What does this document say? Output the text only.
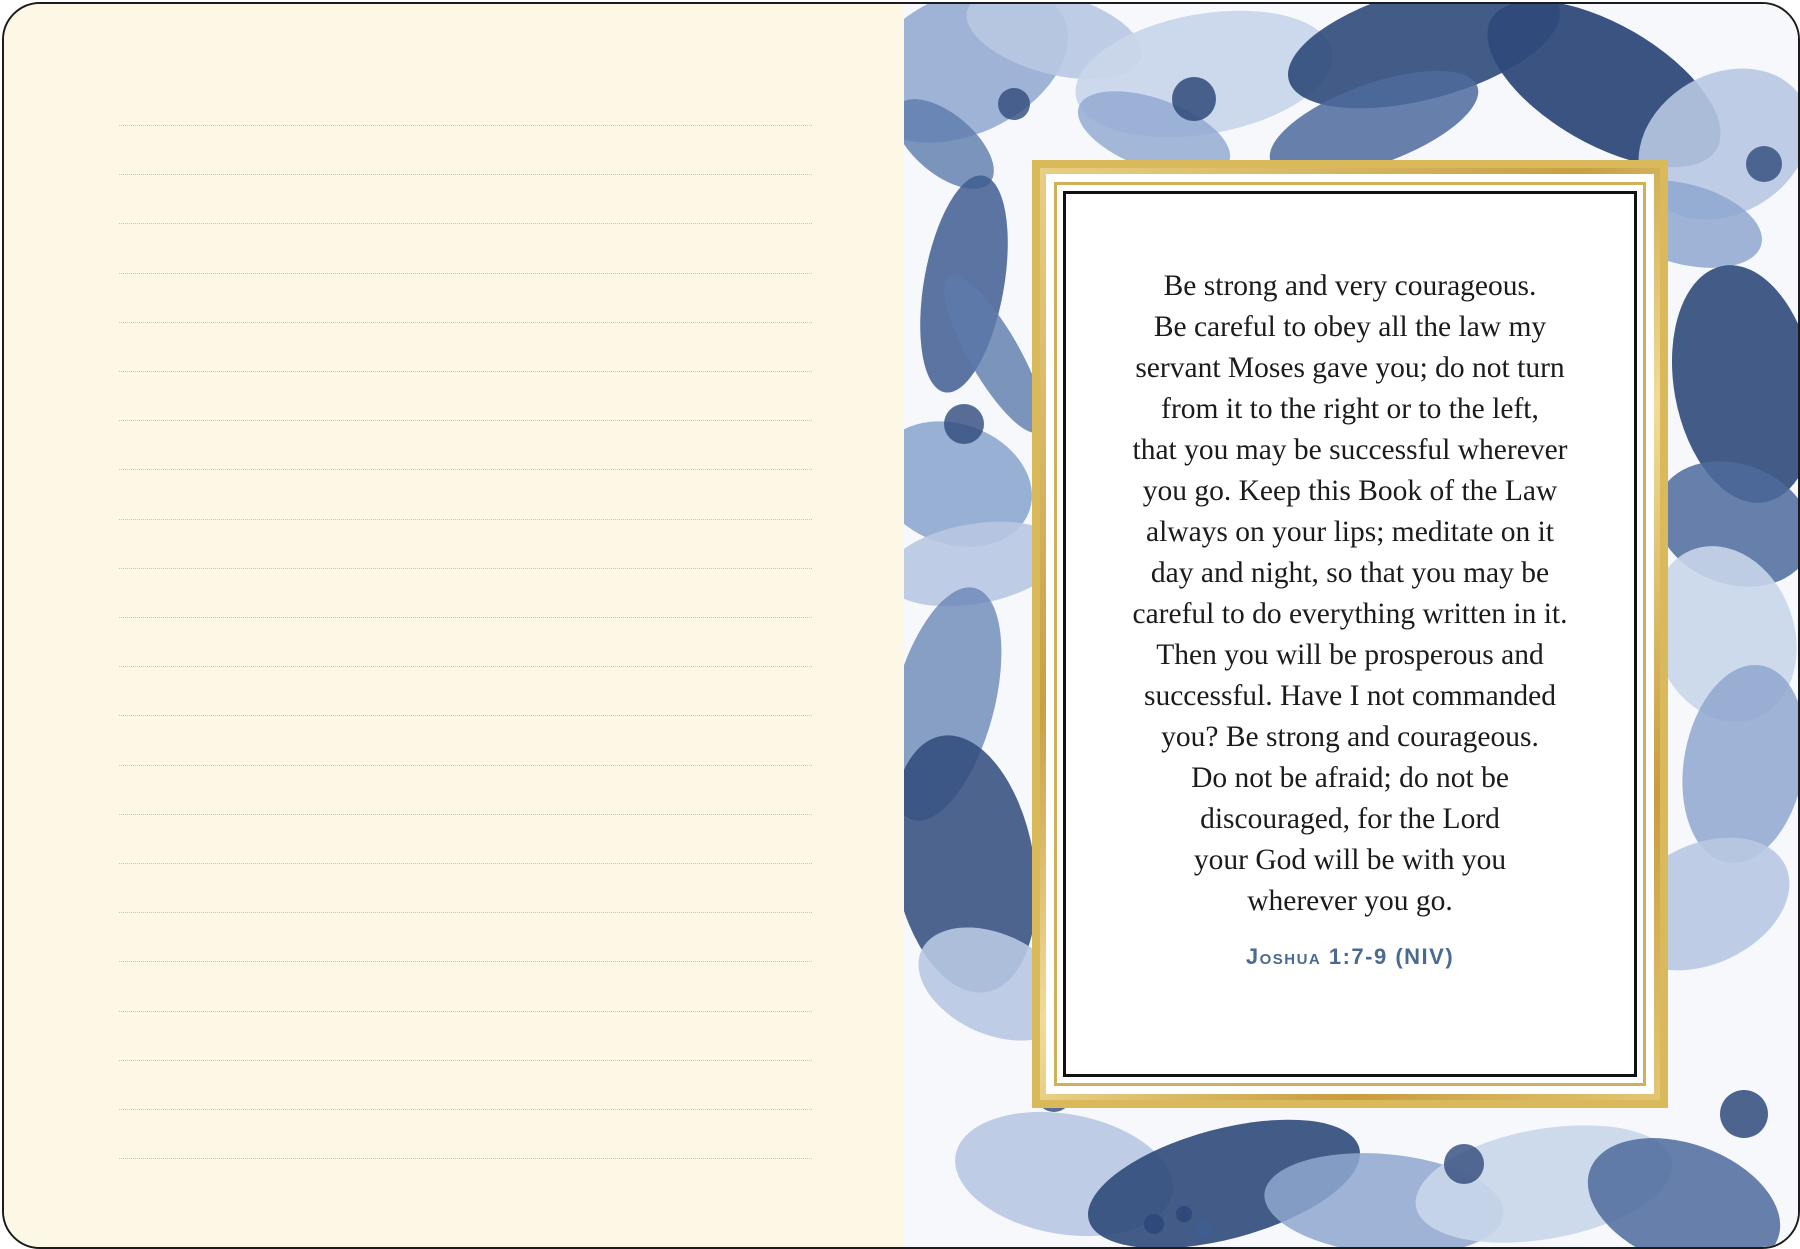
Be strong and very courageous.
Be careful to obey all the law my
servant Moses gave you; do not turn
from it to the right or to the left,
that you may be successful wherever
you go. Keep this Book of the Law
always on your lips; meditate on it
day and night, so that you may be
careful to do everything written in it.
Then you will be prosperous and
successful. Have I not commanded
you? Be strong and courageous.
Do not be afraid; do not be
discouraged, for the Lord
your God will be with you
wherever you go.
Joshua 1:7-9 (NIV)
